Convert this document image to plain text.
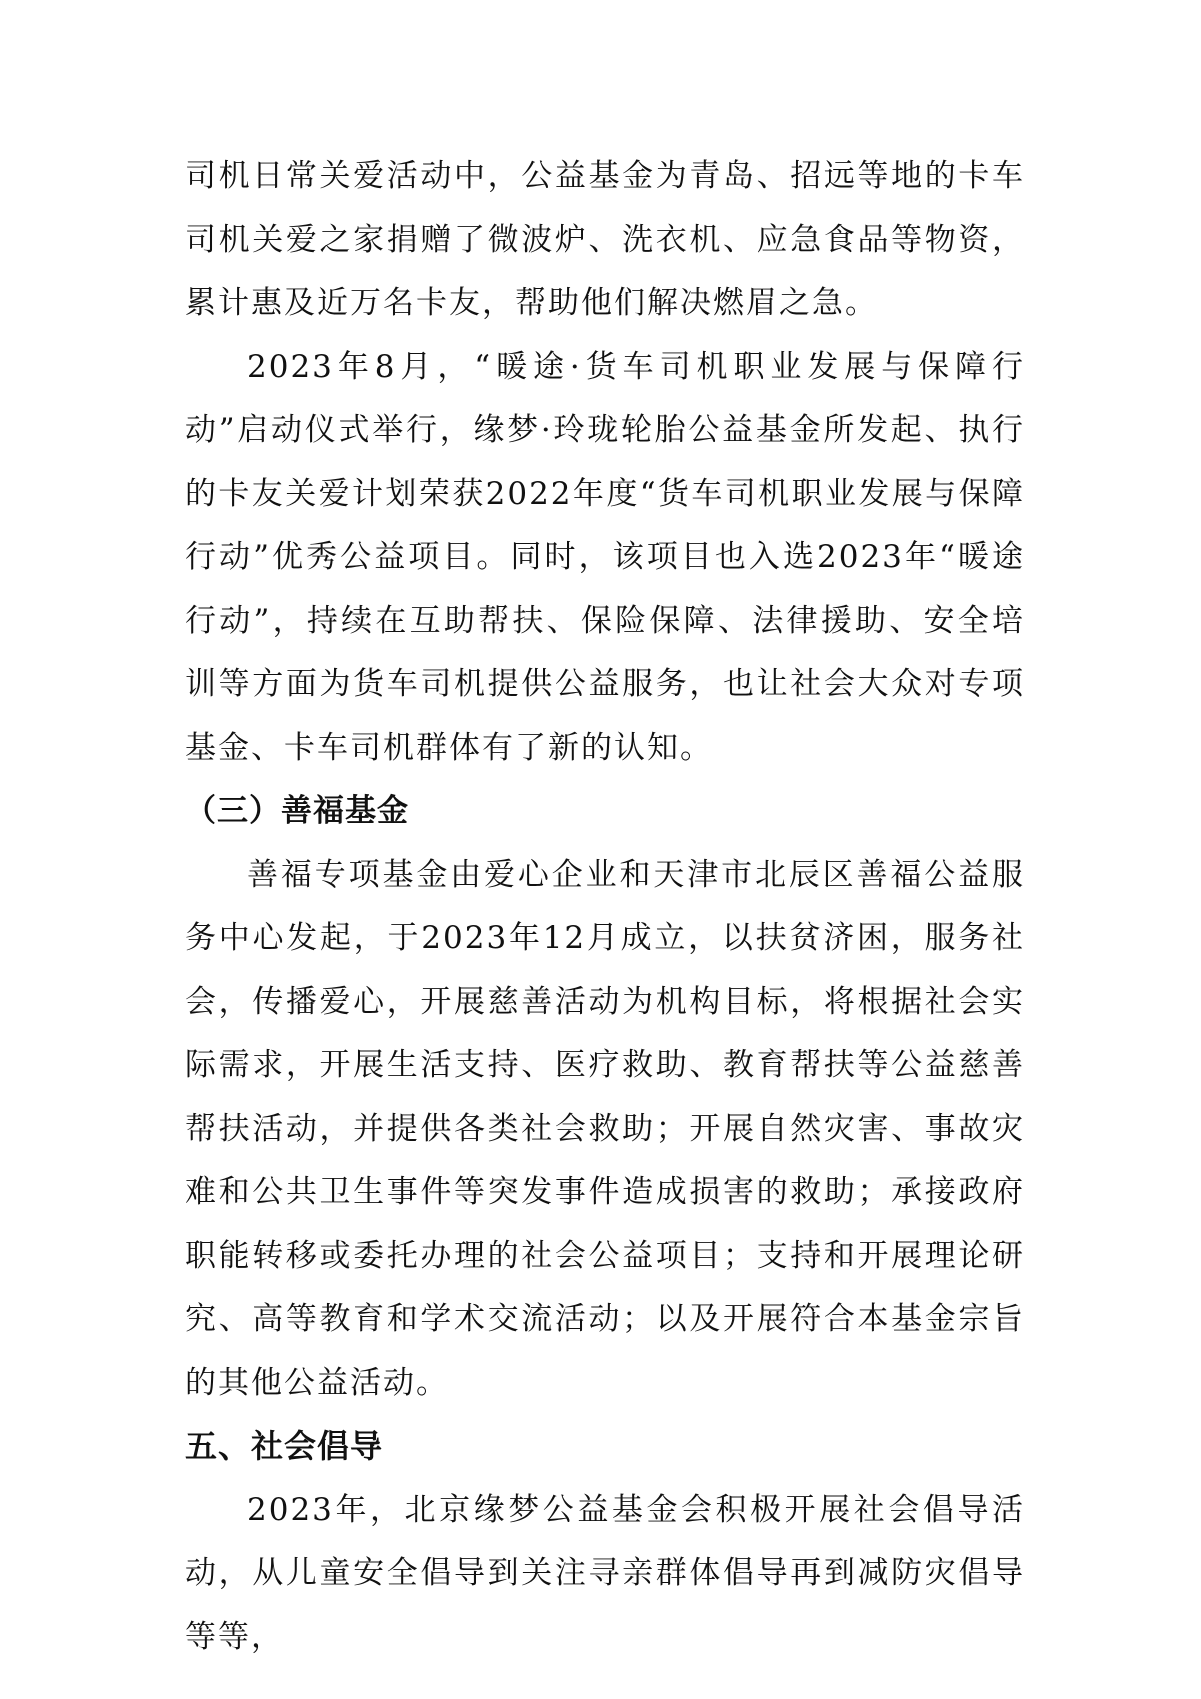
司机日常关爱活动中，公益基金为青岛、招远等地的卡车司机关爱之家捐赠了微波炉、洗衣机、应急食品等物资，累计惠及近万名卡友，帮助他们解决燃眉之急。

2023年8月，“暖途·货车司机职业发展与保障行动”启动仪式举行，缘梦·玲珑轮胎公益基金所发起、执行的卡友关爱计划荣获2022年度“货车司机职业发展与保障行动”优秀公益项目。同时，该项目也入选2023年“暖途行动”，持续在互助帮扶、保险保障、法律援助、安全培训等方面为货车司机提供公益服务，也让社会大众对专项基金、卡车司机群体有了新的认知。

（三）善福基金

善福专项基金由爱心企业和天津市北辰区善福公益服务中心发起，于2023年12月成立，以扶贫济困，服务社会，传播爱心，开展慈善活动为机构目标，将根据社会实际需求，开展生活支持、医疗救助、教育帮扶等公益慈善帮扶活动，并提供各类社会救助；开展自然灾害、事故灾难和公共卫生事件等突发事件造成损害的救助；承接政府职能转移或委托办理的社会公益项目；支持和开展理论研究、高等教育和学术交流活动；以及开展符合本基金宗旨的其他公益活动。

五、社会倡导

2023年，北京缘梦公益基金会积极开展社会倡导活动，从儿童安全倡导到关注寻亲群体倡导再到减防灾倡导等等，
